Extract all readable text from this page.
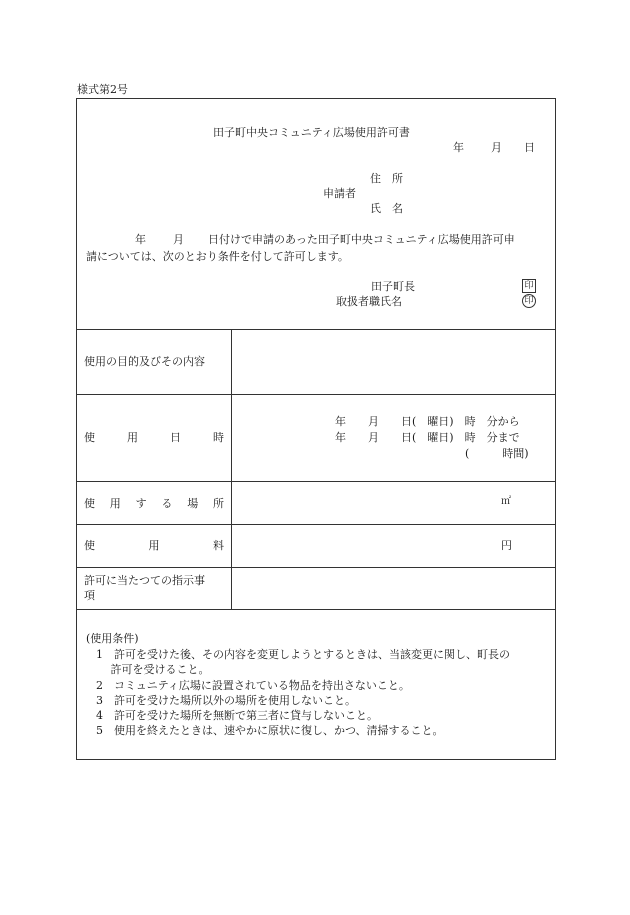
様式第2号
田子町中央コミュニティ広場使用許可書
年 月 日
住　所
申請者
氏　名
年 月 日付けで申請のあった田子町中央コミュニティ広場使用許可申
請については、次のとおり条件を付して許可します。
田子町長	印
取扱者職氏名	印
使用の目的及びその内容
使	用	日	時
年　　月　　日(　曜日)　時　分から
年　　月　　日(　曜日)　時　分まで
(　　　時間)
使 用 す る 場 所	㎡
使	用	料	円
許可に当たつての指示事
項
(使用条件)
1　許可を受けた後、その内容を変更しようとするときは、当該変更に関し、町長の
　 許可を受けること。
2　コミュニティ広場に設置されている物品を持出さないこと。
3　許可を受けた場所以外の場所を使用しないこと。
4　許可を受けた場所を無断で第三者に貸与しないこと。
5　使用を終えたときは、速やかに原状に復し、かつ、清掃すること。
